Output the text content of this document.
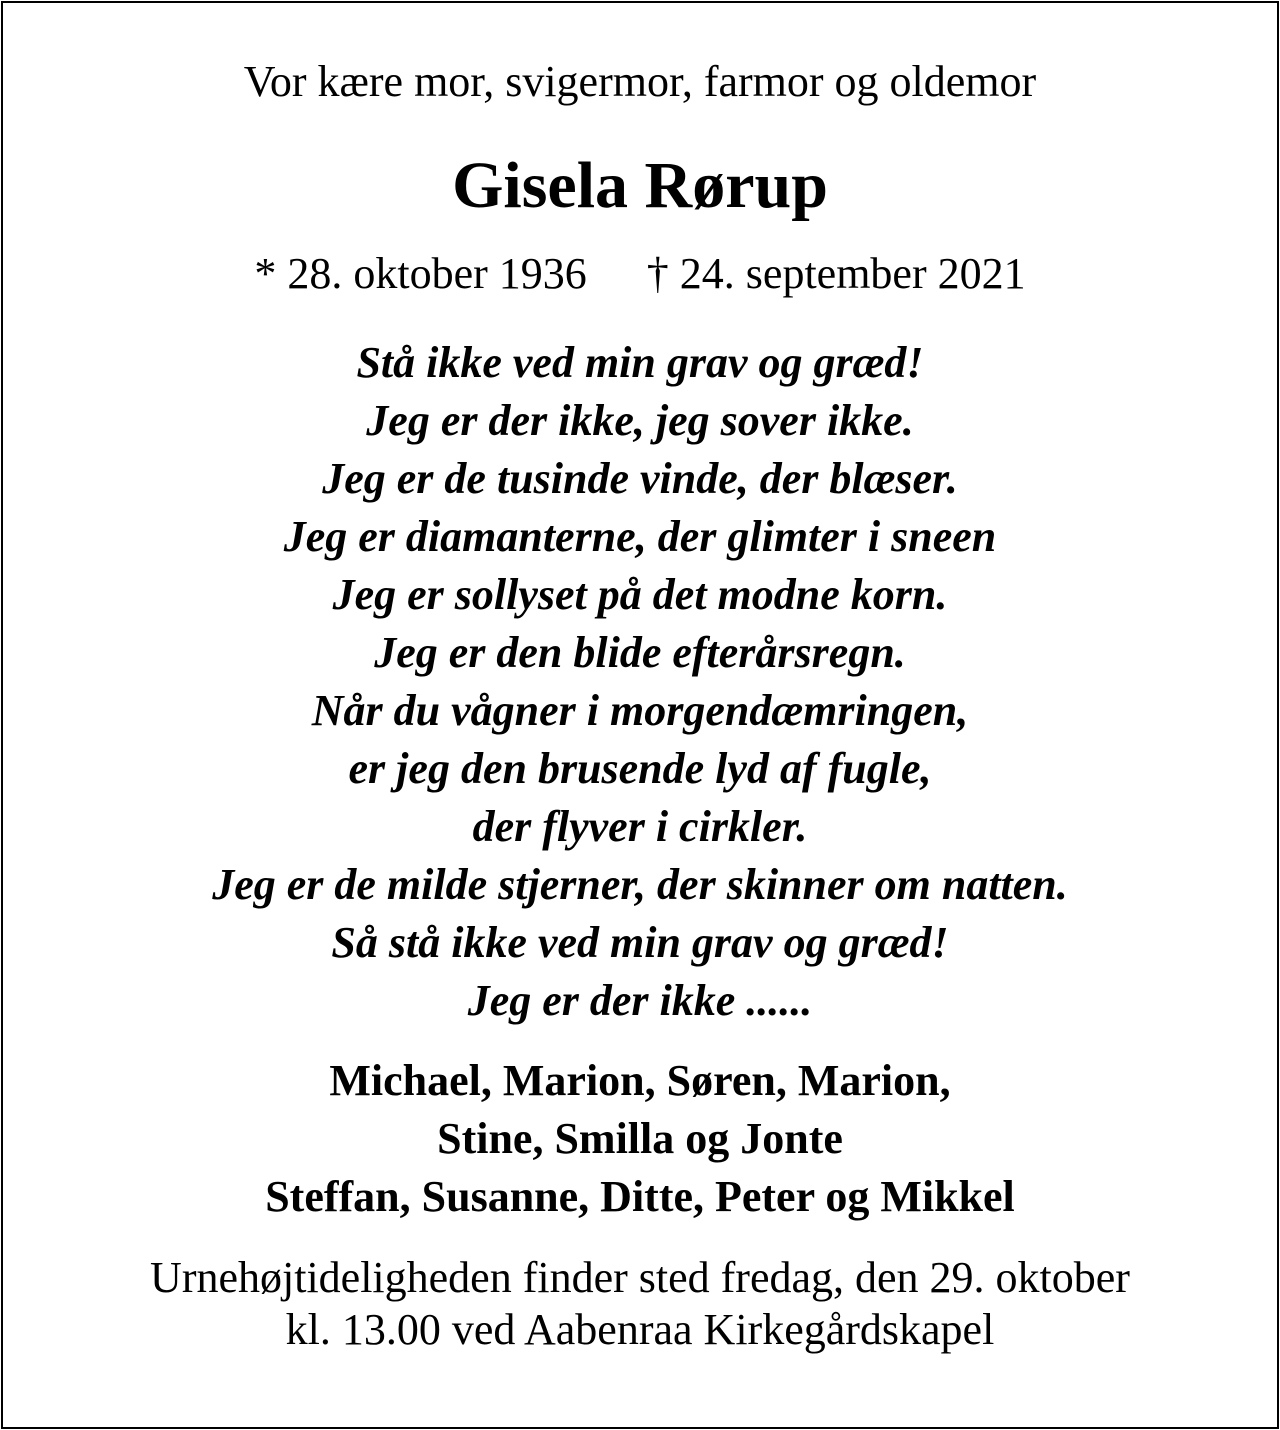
Vor kære mor, svigermor, farmor og oldemor
Gisela Rørup
* 28. oktober 1936 † 24. september 2021
Stå ikke ved min grav og græd!
Jeg er der ikke, jeg sover ikke.
Jeg er de tusinde vinde, der blæser.
Jeg er diamanterne, der glimter i sneen
Jeg er sollyset på det modne korn.
Jeg er den blide efterårsregn.
Når du vågner i morgendæmringen,
er jeg den brusende lyd af fugle,
der flyver i cirkler.
Jeg er de milde stjerner, der skinner om natten.
Så stå ikke ved min grav og græd!
Jeg er der ikke ......
Michael, Marion, Søren, Marion,
Stine, Smilla og Jonte
Steffan, Susanne, Ditte, Peter og Mikkel
Urnehøjtideligheden finder sted fredag, den 29. oktober
kl. 13.00 ved Aabenraa Kirkegårdskapel
